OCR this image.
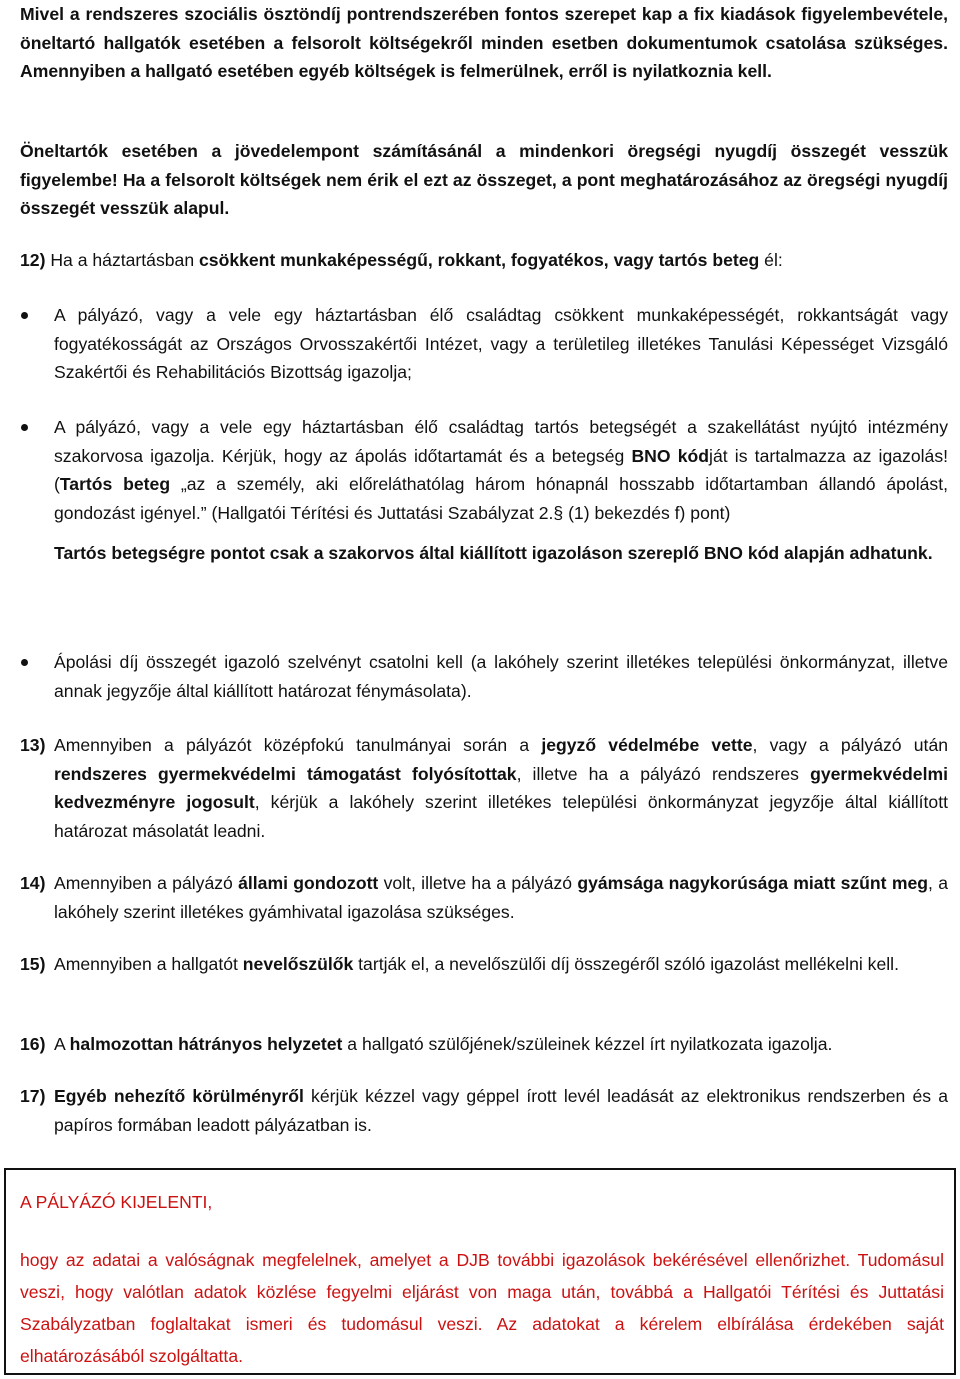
Mivel a rendszeres szociális ösztöndíj pontrendszerében fontos szerepet kap a fix kiadások figyelembevétele, öneltartó hallgatók esetében a felsorolt költségekről minden esetben dokumentumok csatolása szükséges. Amennyiben a hallgató esetében egyéb költségek is felmerülnek, erről is nyilatkoznia kell.

Öneltartók esetében a jövedelempont számításánál a mindenkori öregségi nyugdíj összegét vesszük figyelembe! Ha a felsorolt költségek nem érik el ezt az összeget, a pont meghatározásához az öregségi nyugdíj összegét vesszük alapul.

12) Ha a háztartásban csökkent munkaképességű, rokkant, fogyatékos, vagy tartós beteg él:

A pályázó, vagy a vele egy háztartásban élő családtag csökkent munkaképességét, rokkantságát vagy fogyatékosságát az Országos Orvosszakértői Intézet, vagy a területileg illetékes Tanulási Képességet Vizsgáló Szakértői és Rehabilitációs Bizottság igazolja;
A pályázó, vagy a vele egy háztartásban élő családtag tartós betegségét a szakellátást nyújtó intézmény szakorvosa igazolja. Kérjük, hogy az ápolás időtartamát és a betegség BNO kódját is tartalmazza az igazolás! (Tartós beteg „az a személy, aki előreláthatólag három hónapnál hosszabb időtartamban állandó ápolást, gondozást igényel.” (Hallgatói Térítési és Juttatási Szabályzat 2.§ (1) bekezdés f) pont)

Tartós betegségre pontot csak a szakorvos által kiállított igazoláson szereplő BNO kód alapján adhatunk.

Ápolási díj összegét igazoló szelvényt csatolni kell (a lakóhely szerint illetékes települési önkormányzat, illetve annak jegyzője által kiállított határozat fénymásolata).
13) Amennyiben a pályázót középfokú tanulmányai során a jegyző védelmébe vette, vagy a pályázó után rendszeres gyermekvédelmi támogatást folyósítottak, illetve ha a pályázó rendszeres gyermekvédelmi kedvezményre jogosult, kérjük a lakóhely szerint illetékes települési önkormányzat jegyzője által kiállított határozat másolatát leadni.
14) Amennyiben a pályázó állami gondozott volt, illetve ha a pályázó gyámsága nagykorúsága miatt szűnt meg, a lakóhely szerint illetékes gyámhivatal igazolása szükséges.
15) Amennyiben a hallgatót nevelőszülők tartják el, a nevelőszülői díj összegéről szóló igazolást mellékelni kell.
16) A halmozottan hátrányos helyzetet a hallgató szülőjének/szüleinek kézzel írt nyilatkozata igazolja.
17) Egyéb nehezítő körülményről kérjük kézzel vagy géppel írott levél leadását az elektronikus rendszerben és a papíros formában leadott pályázatban is.

A PÁLYÁZÓ KIJELENTI,

hogy az adatai a valóságnak megfelelnek, amelyet a DJB további igazolások bekérésével ellenőrizhet. Tudomásul veszi, hogy valótlan adatok közlése fegyelmi eljárást von maga után, továbbá a Hallgatói Térítési és Juttatási Szabályzatban foglaltakat ismeri és tudomásul veszi. Az adatokat a kérelem elbírálása érdekében saját elhatározásából szolgáltatta.
